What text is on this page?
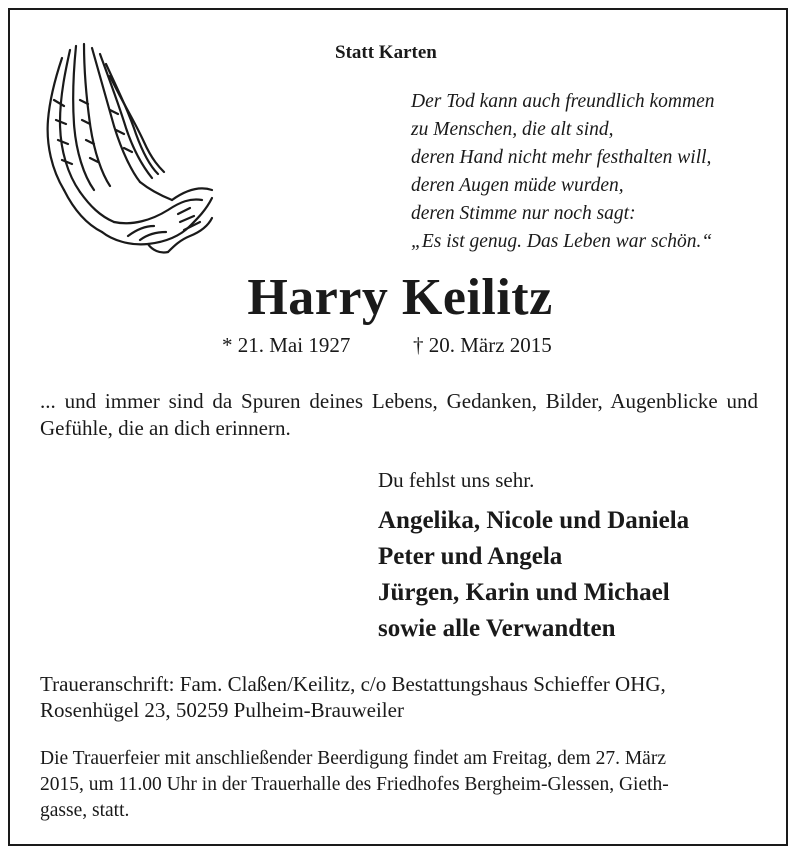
Statt Karten
Der Tod kann auch freundlich kommen
zu Menschen, die alt sind,
deren Hand nicht mehr festhalten will,
deren Augen müde wurden,
deren Stimme nur noch sagt:
„Es ist genug. Das Leben war schön.“
Harry Keilitz
* 21. Mai 1927	† 20. März 2015
... und immer sind da Spuren deines Lebens, Gedanken, Bilder, Augenblicke und Gefühle, die an dich erinnern.
Du fehlst uns sehr.
Angelika, Nicole und Daniela
Peter und Angela
Jürgen, Karin und Michael
sowie alle Verwandten
Traueranschrift: Fam. Claßen/Keilitz, c/o Bestattungshaus Schieffer OHG,
Rosenhügel 23, 50259 Pulheim-Brauweiler
Die Trauerfeier mit anschließender Beerdigung findet am Freitag, dem 27. März
2015, um 11.00 Uhr in der Trauerhalle des Friedhofes Bergheim-Glessen, Gieth-
gasse, statt.
